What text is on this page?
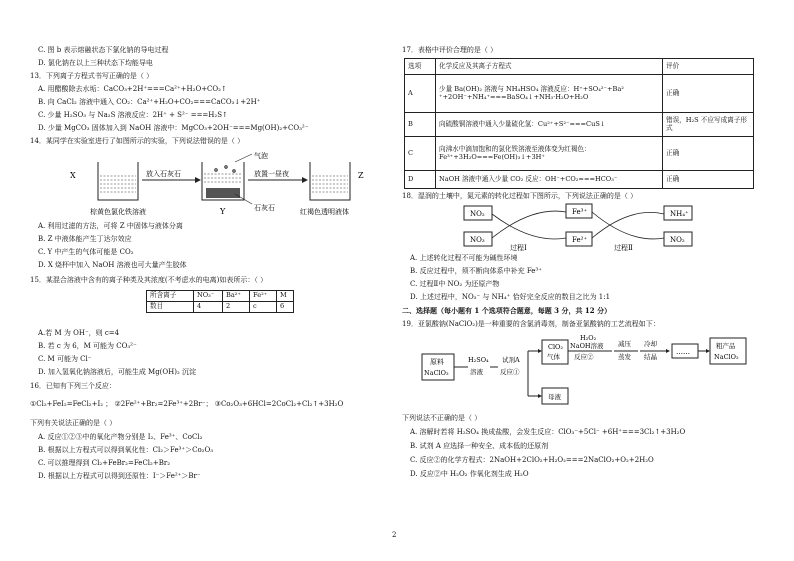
C. 图 b 表示熔融状态下氯化钠的导电过程
D. 氯化钠在以上三种状态下均能导电
13．下列离子方程式书写正确的是（ ）
A. 用醋酸除去水垢：CaCO₃+2H⁺===Ca²⁺+H₂O+CO₂↑
B. 向 CaCl₂ 溶液中通入 CO₂：Ca²⁺+H₂O+CO₂===CaCO₃↓+2H⁺
C. 少量 H₂SO₃ 与 Na₂S 溶液反应：2H⁺ + S²⁻ ===H₂S↑
D. 少量 MgCO₃ 固体加入到 NaOH 溶液中：MgCO₃+2OH⁻===Mg(OH)₂+CO₃²⁻
14．某同学在实验室进行了如图所示的实验，下列说法错误的是（ ）
X	放入石灰石
气泡
石灰石
放置一昼夜	Z
Y
棕黄色氯化铁溶液	红褐色透明液体
A. 利用过滤的方法，可将 Z 中固体与液体分离
B. Z 中液体能产生丁达尔效应
C. Y 中产生的气体可能是 CO₂
D. X 烧杯中加入 NaOH 溶液也可大量产生胶体
15．某混合溶液中含有的离子种类及其浓度(不考虑水的电离)如表所示：（ ）
所含离子	NO₃⁻	Ba²⁺	Fe²⁺	M
数目	4	2	c	6
A.若 M 为 OH⁻，则 c=4
B. 若 c 为 6，M 可能为 CO₃²⁻
C. M 可能为 Cl⁻
D. 加入氢氧化钠溶液后，可能生成 Mg(OH)₂ 沉淀
16．已知有下列三个反应：
①Cl₂+FeI₂=FeCl₂+I₂ ； ②2Fe²⁺+Br₂=2Fe³⁺+2Br⁻； ③Co₂O₃+6HCl=2CoCl₂+Cl₂↑+3H₂O
下列有关说法正确的是（ ）
A. 反应①②③中的氧化产物分别是 I₂、Fe³⁺、CoCl₂
B. 根据以上方程式可以得到氧化性：Cl₂＞Fe³⁺＞Co₂O₃
C. 可以推理得到 Cl₂+FeBr₂=FeCl₂+Br₂
D. 根据以上方程式可以得到还原性：I⁻＞Fe²⁺＞Br⁻
17．表格中评价合理的是（ ）
选项	化学反应及其离子方程式	评价
A	少量 Ba(OH)₂ 溶液与 NH₄HSO₄ 溶液反应：H⁺+SO₄²⁻+Ba²
⁺+2OH⁻+NH₄⁺===BaSO₄↓+NH₃·H₂O+H₂O	正确
B	向硫酸铜溶液中通入少量硫化氢：Cu²⁺+S²⁻===CuS↓	错误，H₂S 不应写成离子形式
C	向沸水中滴加饱和的氯化铁溶液至液体变为红褐色：
Fe³⁺+3H₂O===Fe(OH)₃↓+3H⁺	正确
D	NaOH 溶液中通入少量 CO₂ 反应：OH⁻+CO₂===HCO₃⁻	正确
18．湿润的土壤中，氮元素的转化过程如下图所示，下列说法正确的是（ ）
NO₂
NO₃
Fe³⁺
Fe²⁺
NH₄⁺
NO₂
过程Ⅰ	过程Ⅱ
A. 上述转化过程不可能为碱性环境
B. 反应过程中，须不断向体系中补充 Fe³⁺
C. 过程Ⅱ中 NO₂ 为还原产物
D. 上述过程中，NO₃⁻ 与 NH₄⁺ 恰好完全反应的数目之比为 1:1
二、选择题（每小题有 1 个选项符合题意，每题 3 分，共 12 分）
19．亚氯酸钠(NaClO₂)是一种重要的含氯消毒剂，制备亚氯酸钠的工艺流程如下：
原料
NaClO₃
H₂SO₄
溶液
试剂A
反应①
ClO₂
气体
H₂O₂
NaOH溶液
反应②
减压
蒸发
冷却
结晶
……
粗产品
NaClO₂
母液
下列说法不正确的是（ ）
A. 溶解时若将 H₂SO₄ 换成盐酸，会发生反应：ClO₃⁻+5Cl⁻ +6H⁺===3Cl₂↑+3H₂O
B. 试剂 A 应选择一种安全、成本低的还原剂
C. 反应②的化学方程式：2NaOH+2ClO₂+H₂O₂===2NaClO₂+O₂+2H₂O
D. 反应②中 H₂O₂ 作氧化剂生成 H₂O
2
